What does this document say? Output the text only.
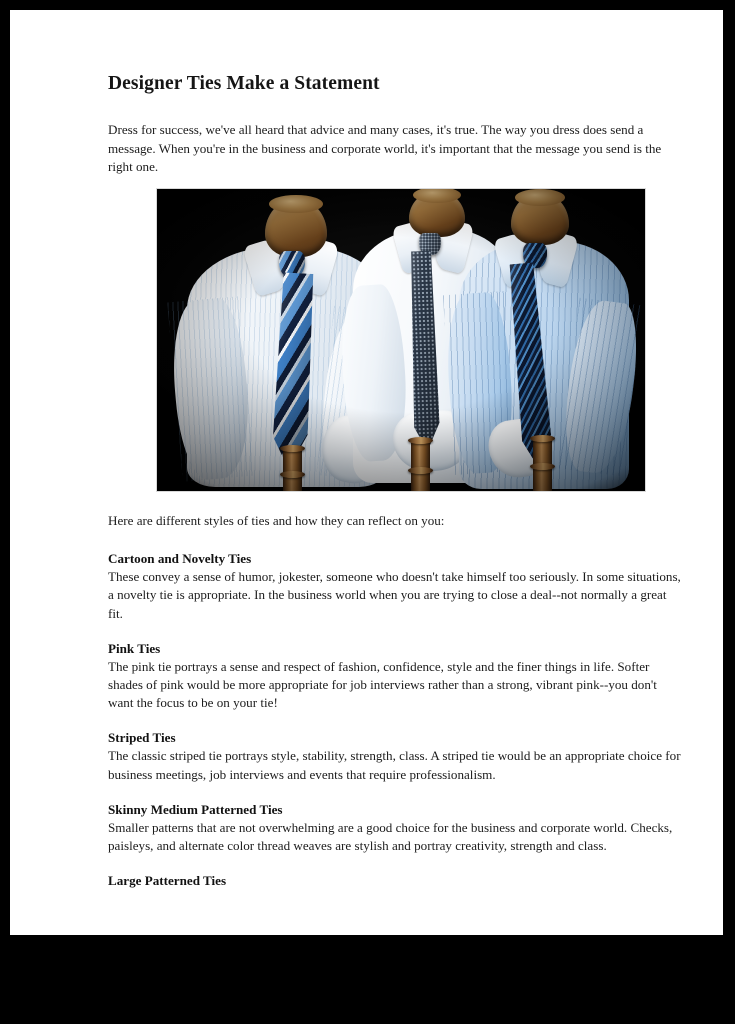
Designer Ties Make a Statement

Dress for success, we've all heard that advice and many cases, it's true. The way you dress does send a message. When you're in the business and corporate world, it's important that the message you send is the right one.

Here are different styles of ties and how they can reflect on you:

Cartoon and Novelty Ties

These convey a sense of humor, jokester, someone who doesn't take himself too seriously. In some situations, a novelty tie is appropriate. In the business world when you are trying to close a deal--not normally a great fit.

Pink Ties

The pink tie portrays a sense and respect of fashion, confidence, style and the finer things in life. Softer shades of pink would be more appropriate for job interviews rather than a strong, vibrant pink--you don't want the focus to be on your tie!

Striped Ties

The classic striped tie portrays style, stability, strength, class. A striped tie would be an appropriate choice for business meetings, job interviews and events that require professionalism.

Skinny Medium Patterned Ties

Smaller patterns that are not overwhelming are a good choice for the business and corporate world. Checks, paisleys, and alternate color thread weaves are stylish and portray creativity, strength and class.

Large Patterned Ties
